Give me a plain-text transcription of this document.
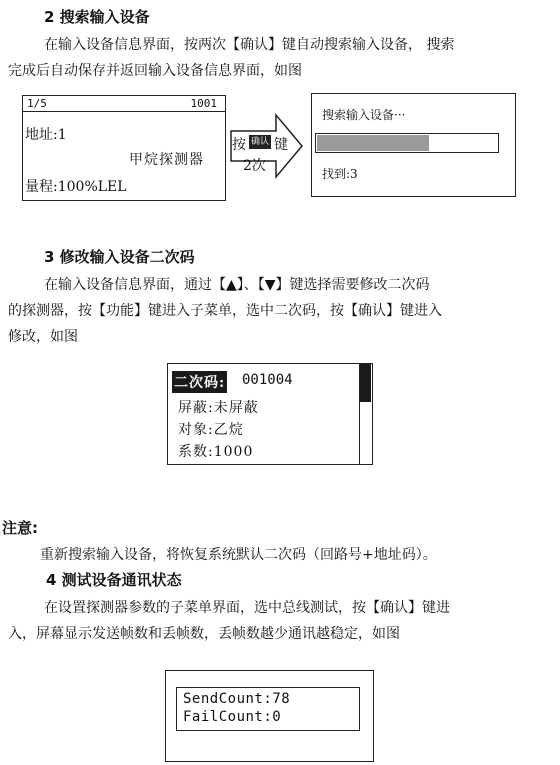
2 搜索输入设备
在输入设备信息界面，按两次【确认】键自动搜索输入设备， 搜索
完成后自动保存并返回输入设备信息界面，如图
1/5	1001
地址:1
甲烷探测器
量程:100%LEL
按 确认 键
2次
搜索输入设备···
找到:3
3 修改输入设备二次码
在输入设备信息界面，通过【▲】、【▼】键选择需要修改二次码
的探测器，按【功能】键进入子菜单，选中二次码，按【确认】键进入
修改，如图
二次码: 001004
屏蔽:未屏蔽
对象:乙烷
系数:1000
注意:
重新搜索输入设备，将恢复系统默认二次码（回路号+地址码）。
4 测试设备通讯状态
在设置探测器参数的子菜单界面，选中总线测试，按【确认】键进
入，屏幕显示发送帧数和丢帧数，丢帧数越少通讯越稳定，如图
SendCount:78
FailCount:0
